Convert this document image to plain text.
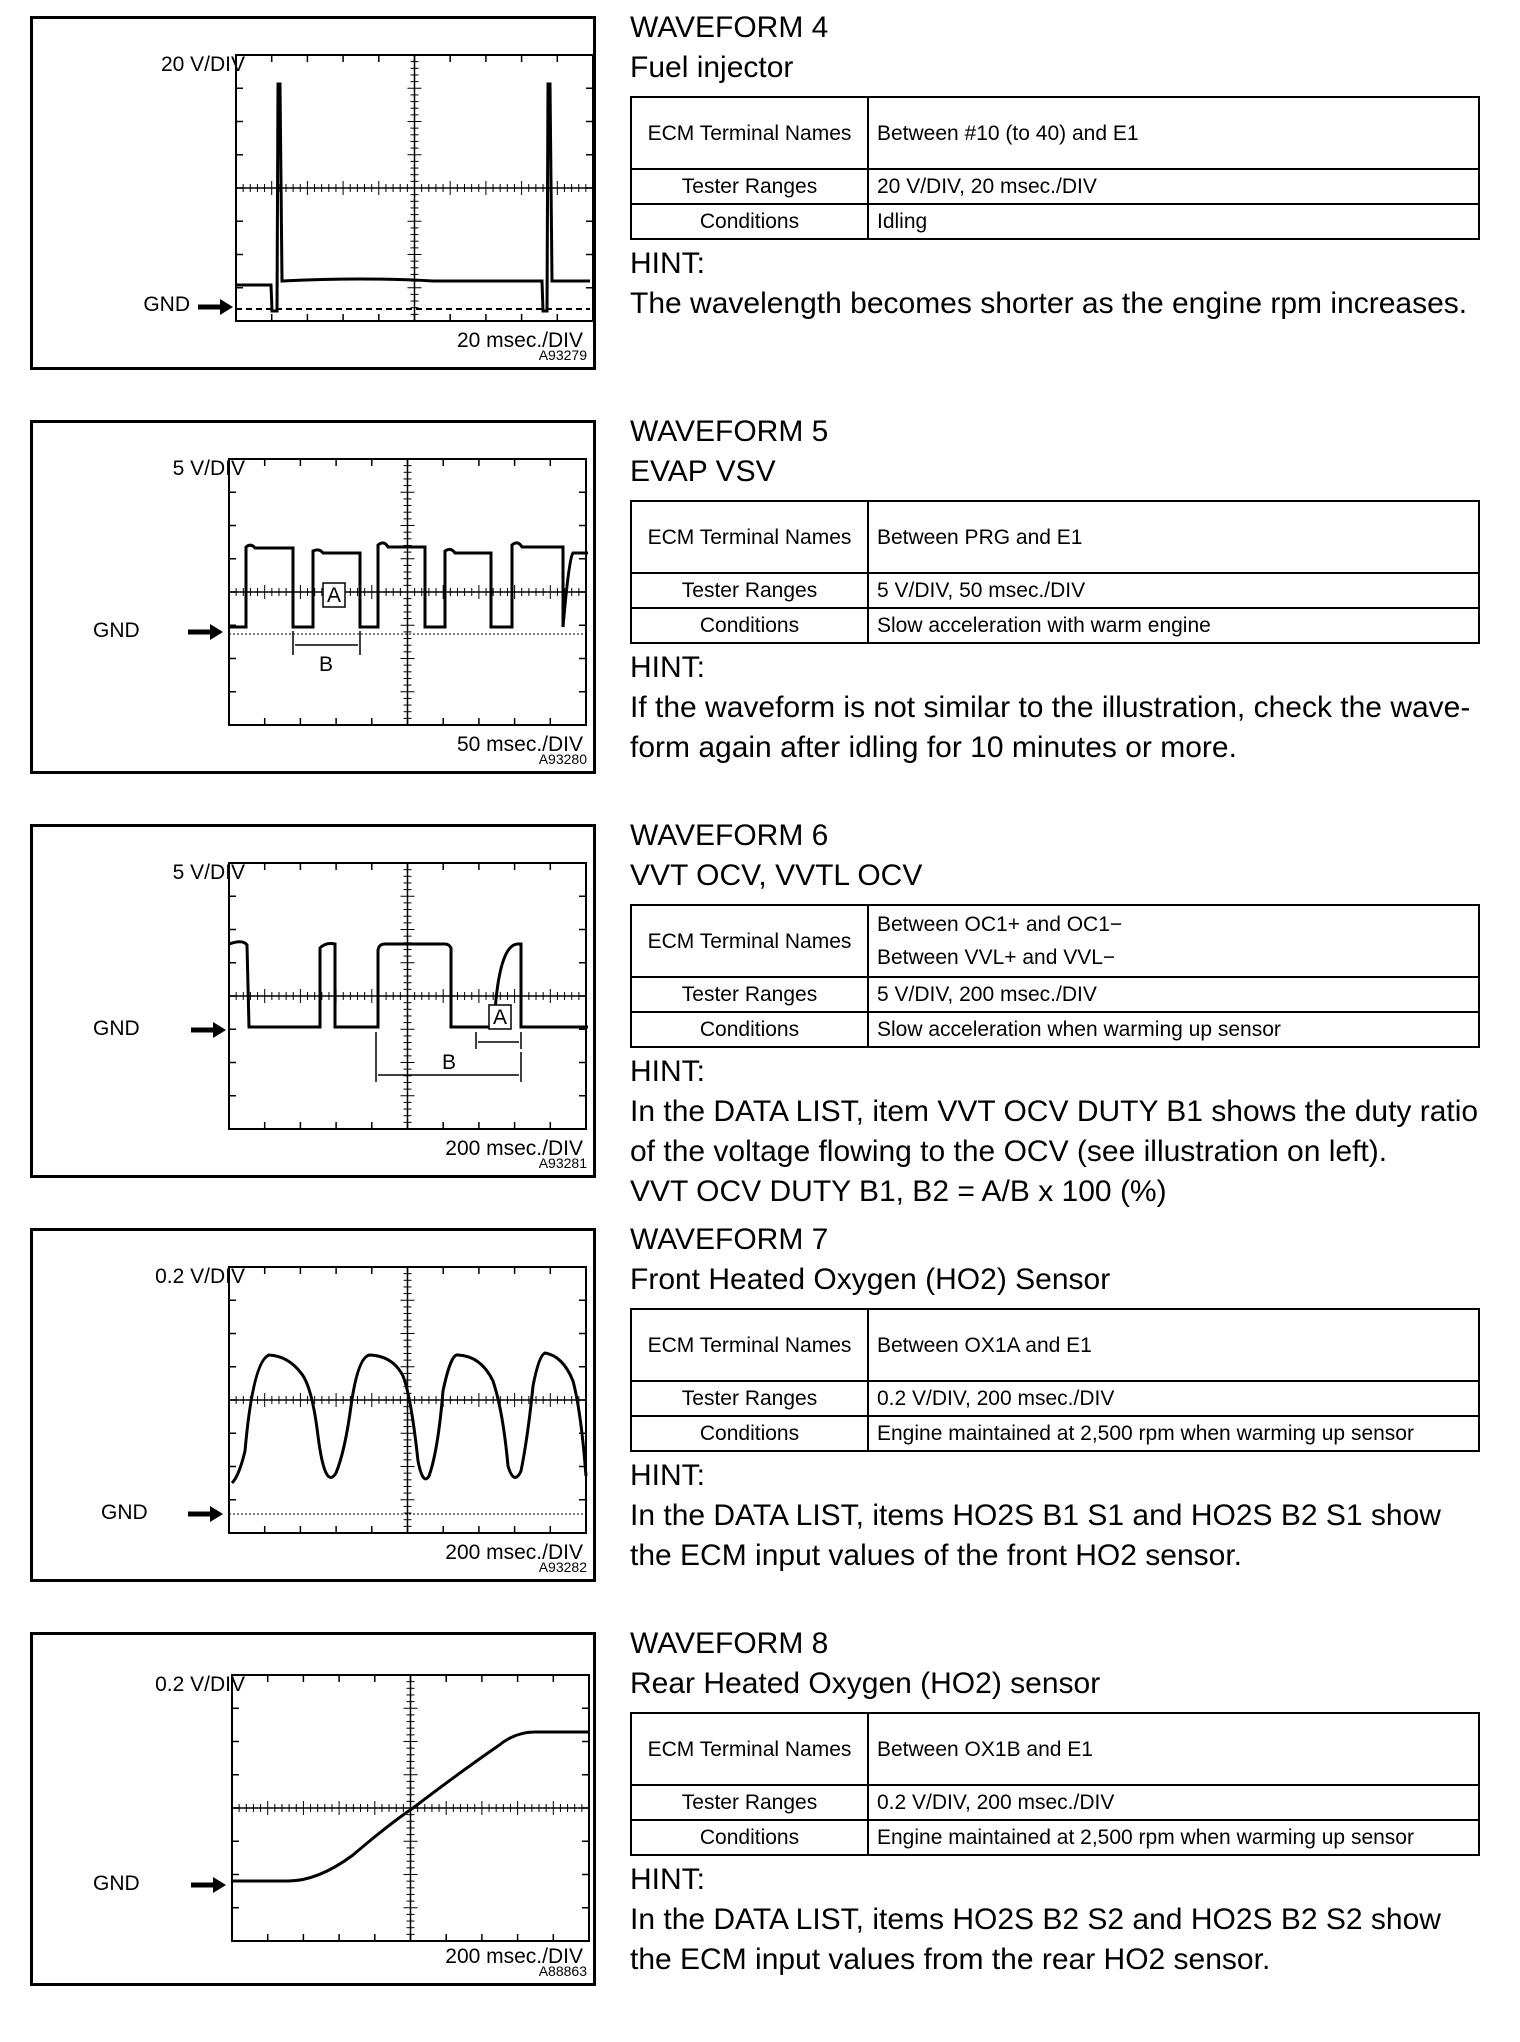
20 V/DIV
GND
20 msec./DIV
A93279

WAVEFORM 4

Fuel injector

ECM Terminal Names	Between #10 (to 40) and E1
Tester Ranges	20 V/DIV, 20 msec./DIV
Conditions	Idling

HINT:

The wavelength becomes shorter as the engine rpm increases.

A
B
5 V/DIV
GND
50 msec./DIV
A93280

WAVEFORM 5

EVAP VSV

ECM Terminal Names	Between PRG and E1
Tester Ranges	5 V/DIV, 50 msec./DIV
Conditions	Slow acceleration with warm engine

HINT:

If the waveform is not similar to the illustration, check the wave-form again after idling for 10 minutes or more.

A
B
5 V/DIV
GND
200 msec./DIV
A93281

WAVEFORM 6

VVT OCV, VVTL OCV

ECM Terminal Names	Between OC1+ and OC1−
Between VVL+ and VVL−

Tester Ranges	5 V/DIV, 200 msec./DIV
Conditions	Slow acceleration when warming up sensor

HINT:

In the DATA LIST, item VVT OCV DUTY B1 shows the duty ratio of the voltage flowing to the OCV (see illustration on left).

VVT OCV DUTY B1, B2 = A/B x 100 (%)

0.2 V/DIV
GND
200 msec./DIV
A93282

WAVEFORM 7

Front Heated Oxygen (HO2) Sensor

ECM Terminal Names	Between OX1A and E1
Tester Ranges	0.2 V/DIV, 200 msec./DIV
Conditions	Engine maintained at 2,500 rpm when warming up sensor

HINT:

In the DATA LIST, items HO2S B1 S1 and HO2S B2 S1 show the ECM input values of the front HO2 sensor.

0.2 V/DIV
GND
200 msec./DIV
A88863

WAVEFORM 8

Rear Heated Oxygen (HO2) sensor

ECM Terminal Names	Between OX1B and E1
Tester Ranges	0.2 V/DIV, 200 msec./DIV
Conditions	Engine maintained at 2,500 rpm when warming up sensor

HINT:

In the DATA LIST, items HO2S B2 S2 and HO2S B2 S2 show the ECM input values from the rear HO2 sensor.
